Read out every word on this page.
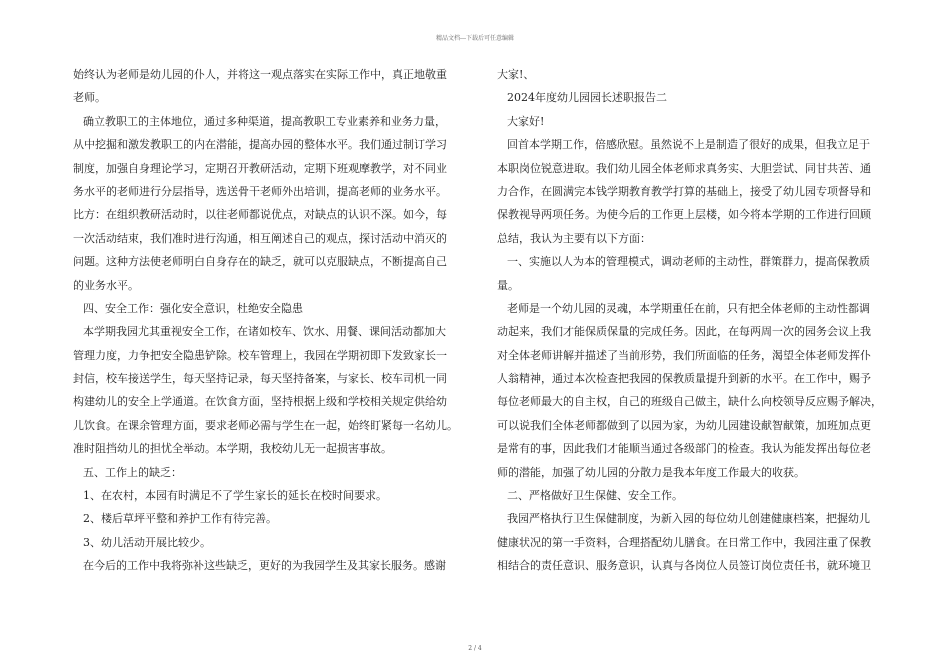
精品文档---下载后可任意编辑
始终认为老师是幼儿园的仆人，并将这一观点落实在实际工作中，真正地敬重
老师。
确立教职工的主体地位，通过多种渠道，提高教职工专业素养和业务力量，
从中挖掘和激发教职工的内在潜能，提高办园的整体水平。我们通过制订学习
制度，加强自身理论学习，定期召开教研活动，定期下班观摩教学，对不同业
务水平的老师进行分层指导，选送骨干老师外出培训，提高老师的业务水平。
比方：在组织教研活动时，以往老师都说优点，对缺点的认识不深。如今，每
一次活动结束，我们准时进行沟通，相互阐述自己的观点，探讨活动中消灭的
问题。这种方法使老师明白自身存在的缺乏，就可以克服缺点，不断提高自己
的业务水平。
四、安全工作：强化安全意识，杜绝安全隐患
本学期我园尤其重视安全工作，在诸如校车、饮水、用餐、课间活动都加大
管理力度，力争把安全隐患铲除。校车管理上，我园在学期初即下发致家长一
封信，校车接送学生，每天坚持记录，每天坚持备案，与家长、校车司机一同
构建幼儿的安全上学通道。在饮食方面，坚持根据上级和学校相关规定供给幼
儿饮食。在课余管理方面，要求老师必需与学生在一起，始终盯紧每一名幼儿。
准时阻挡幼儿的担忧全举动。本学期，我校幼儿无一起损害事故。
五、工作上的缺乏：
1、在农村，本园有时满足不了学生家长的延长在校时间要求。
2、楼后草坪平整和养护工作有待完善。
3、幼儿活动开展比较少。
在今后的工作中我将弥补这些缺乏，更好的为我园学生及其家长服务。感谢
大家!、
2024年度幼儿园园长述职报告二
大家好!
回首本学期工作，倍感欣慰。虽然说不上是制造了很好的成果，但我立足于
本职岗位锐意进取。我们幼儿园全体老师求真务实、大胆尝试、同甘共苦、通
力合作，在圆满完本钱学期教育教学打算的基础上，接受了幼儿园专项督导和
保教视导两项任务。为使今后的工作更上层楼，如今将本学期的工作进行回顾
总结，我认为主要有以下方面：
一、实施以人为本的管理模式，调动老师的主动性，群策群力，提高保教质
量。
老师是一个幼儿园的灵魂，本学期重任在前，只有把全体老师的主动性都调
动起来，我们才能保质保量的完成任务。因此，在每两周一次的园务会议上我
对全体老师讲解并描述了当前形势，我们所面临的任务，渴望全体老师发挥仆
人翁精神，通过本次检查把我园的保教质量提升到新的水平。在工作中，赐予
每位老师最大的自主权，自己的班级自己做主，缺什么向校领导反应赐予解决，
可以说我们全体老师都做到了以园为家，为幼儿园建设献智献策，加班加点更
是常有的事，因此我们才能顺当通过各级部门的检查。我认为能发挥出每位老
师的潜能，加强了幼儿园的分散力是我本年度工作最大的收获。
二、严格做好卫生保健、安全工作。
我园严格执行卫生保健制度，为新入园的每位幼儿创建健康档案，把握幼儿
健康状况的第一手资料，合理搭配幼儿膳食。在日常工作中，我园注重了保教
相结合的责任意识、服务意识，认真与各岗位人员签订岗位责任书，就环境卫
2 / 4
